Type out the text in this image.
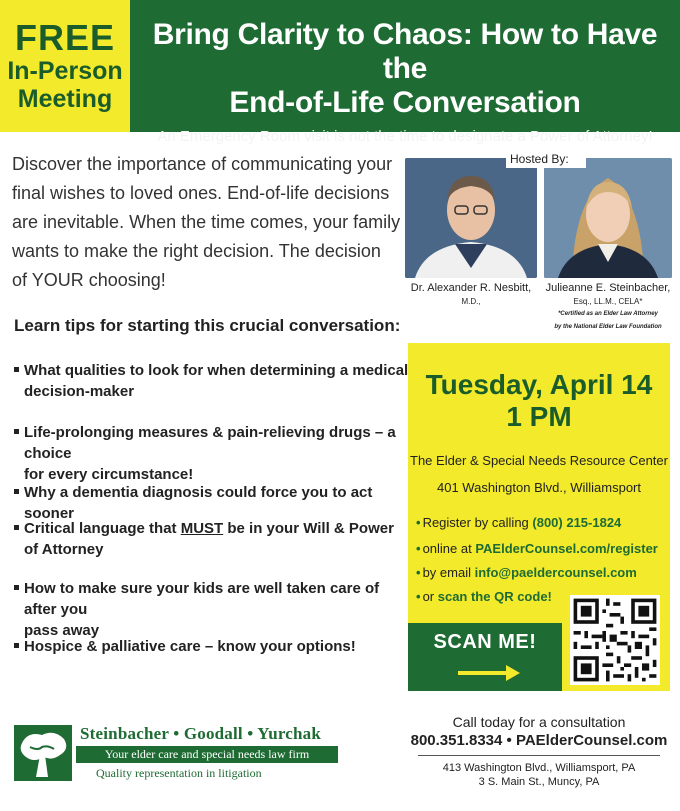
FREE
In-Person
Meeting
Bring Clarity to Chaos: How to Have the
End-of-Life Conversation
An Emergency Room visit is not the time to designate a Power of Attorney!
Discover the importance of communicating your
final wishes to loved ones. End-of-life decisions
are inevitable. When the time comes, your family
wants to make the right decision. The decision
of YOUR choosing!
Hosted By:
Dr. Alexander R. Nesbitt,
M.D.,
Julieanne E. Steinbacher,
Esq., LL.M., CELA*
*Certified as an Elder Law Attorney
by the National Elder Law Foundation
Learn tips for starting this crucial conversation:
What qualities to look for when determining a medical
decision-maker
Life-prolonging measures & pain-relieving drugs – a choice
for every circumstance!
Why a dementia diagnosis could force you to act sooner
Critical language that MUST be in your Will & Power
of Attorney
How to make sure your kids are well taken care of after you
pass away
Hospice & palliative care – know your options!
Tuesday, April 14
1 PM
The Elder & Special Needs Resource Center
401 Washington Blvd., Williamsport
• Register by calling (800) 215-1824
• online at PAElderCounsel.com/register
• by email info@paeldercounsel.com
• or scan the QR code!
SCAN ME!
Steinbacher • Goodall • Yurchak
Your elder care and special needs law firm
Quality representation in litigation
Call today for a consultation
800.351.8334 • PAElderCounsel.com
413 Washington Blvd., Williamsport, PA
3 S. Main St., Muncy, PA
